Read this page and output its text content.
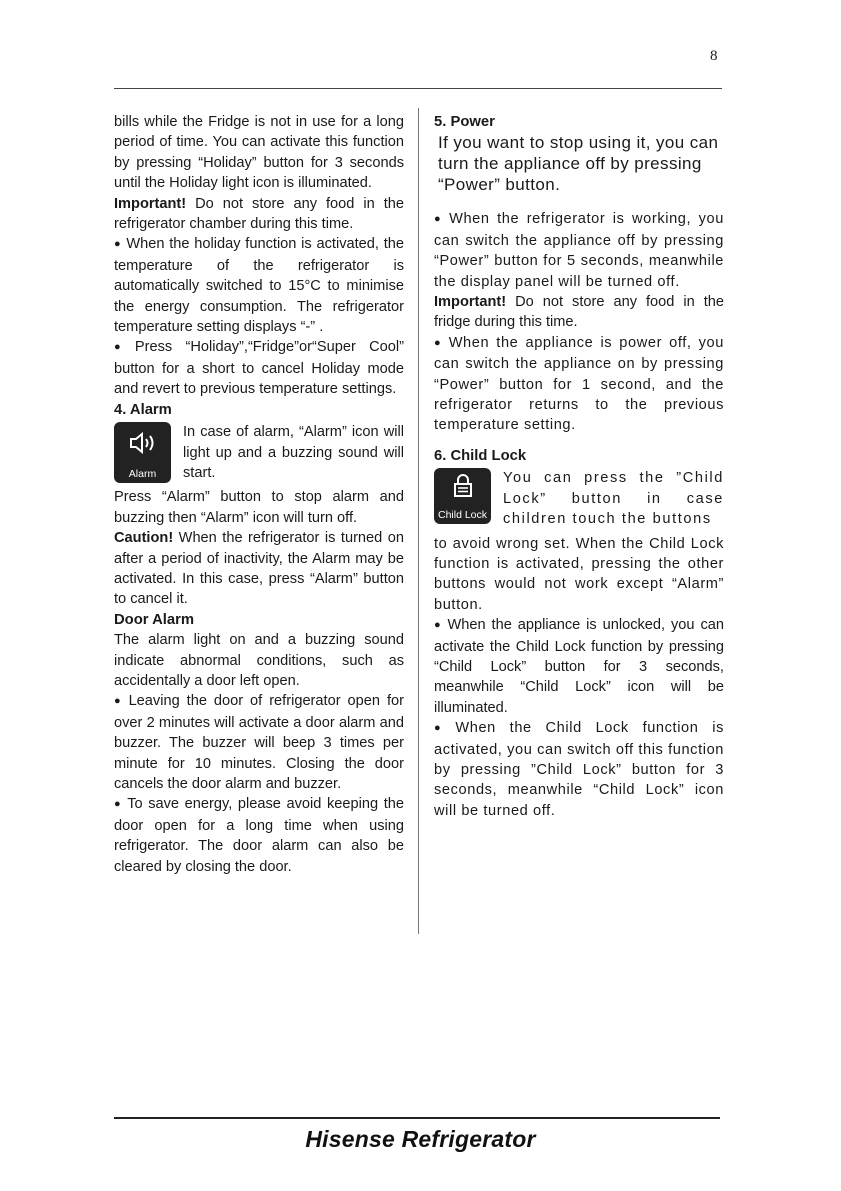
8

bills while the Fridge is not in use for a long period of time. You can activate this function by pressing “Holiday” button for 3 seconds until the Holiday light icon is illuminated.

Important! Do not store any food in the refrigerator chamber during this time.

● When the holiday function is activated, the temperature of the refrigerator is automatically switched to 15°C to minimise the energy consumption. The refrigerator temperature setting displays “-” .

● Press “Holiday”,“Fridge”or“Super Cool” button for a short to cancel Holiday mode and revert to previous temperature settings.

4. Alarm

Alarm

In case of alarm, “Alarm” icon will light up and a buzzing sound will start.

Press “Alarm” button to stop alarm and buzzing then “Alarm” icon will turn off.

Caution! When the refrigerator is turned on after a period of inactivity, the Alarm may be activated. In this case, press “Alarm” button to cancel it.

Door Alarm

The alarm light on and a buzzing sound indicate abnormal conditions, such as accidentally a door left open.

● Leaving the door of refrigerator open for over 2 minutes will activate a door alarm and buzzer. The buzzer will beep 3 times per minute for 10 minutes. Closing the door cancels the door alarm and buzzer.

● To save energy, please avoid keeping the door open for a long time when using refrigerator. The door alarm can also be cleared by closing the door.

5. Power

If you want to stop using it, you can turn the appliance off by pressing “Power” button.

● When the refrigerator is working, you can switch the appliance off by pressing “Power” button for 5 seconds, meanwhile the display panel will be turned off.

Important! Do not store any food in the fridge during this time.

● When the appliance is power off, you can switch the appliance on by pressing “Power” button for 1 second, and the refrigerator returns to the previous temperature setting.

6. Child Lock

Child Lock

You can press the ”Child Lock” button in case children touch the buttons

to avoid wrong set. When the Child Lock function is activated, pressing the other buttons would not work except “Alarm” button.

● When the appliance is unlocked, you can activate the Child Lock function by pressing “Child Lock” button for 3 seconds, meanwhile “Child Lock” icon will be illuminated.

● When the Child Lock function is activated, you can switch off this function by pressing ”Child Lock” button for 3 seconds, meanwhile “Child Lock” icon will be turned off.

Hisense Refrigerator
